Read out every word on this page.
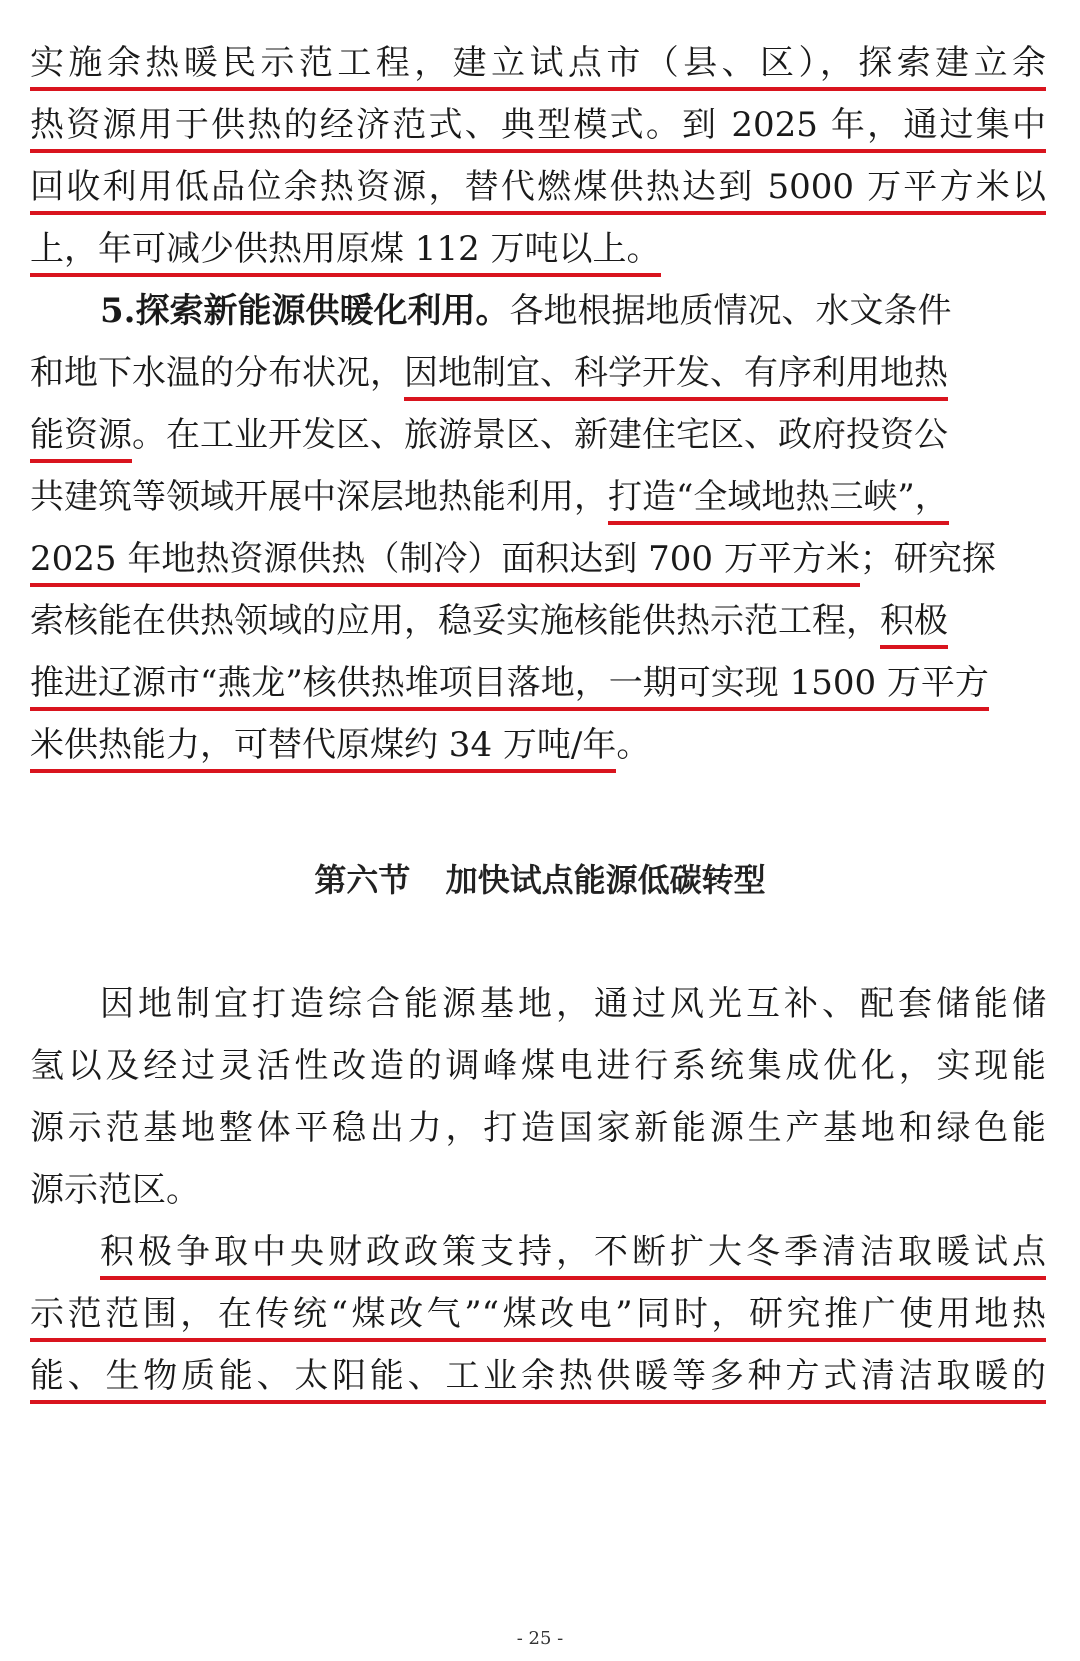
实施余热暖民示范工程，建立试点市（县、区），探索建立余
热资源用于供热的经济范式、典型模式。到 2025 年，通过集中
回收利用低品位余热资源，替代燃煤供热达到 5000 万平方米以
上，年可减少供热用原煤 112 万吨以上。
5.探索新能源供暖化利用。各地根据地质情况、水文条件
和地下水温的分布状况，因地制宜、科学开发、有序利用地热
能资源。在工业开发区、旅游景区、新建住宅区、政府投资公
共建筑等领域开展中深层地热能利用，打造“全域地热三峡”，
2025 年地热资源供热（制冷）面积达到 700 万平方米；研究探
索核能在供热领域的应用，稳妥实施核能供热示范工程，积极
推进辽源市“燕龙”核供热堆项目落地，一期可实现 1500 万平方
米供热能力，可替代原煤约 34 万吨/年。
第六节 加快试点能源低碳转型
因地制宜打造综合能源基地，通过风光互补、配套储能储
氢以及经过灵活性改造的调峰煤电进行系统集成优化，实现能
源示范基地整体平稳出力，打造国家新能源生产基地和绿色能
源示范区。
积极争取中央财政政策支持，不断扩大冬季清洁取暖试点
示范范围，在传统“煤改气”“煤改电”同时，研究推广使用地热
能、生物质能、太阳能、工业余热供暖等多种方式清洁取暖的
- 25 -
